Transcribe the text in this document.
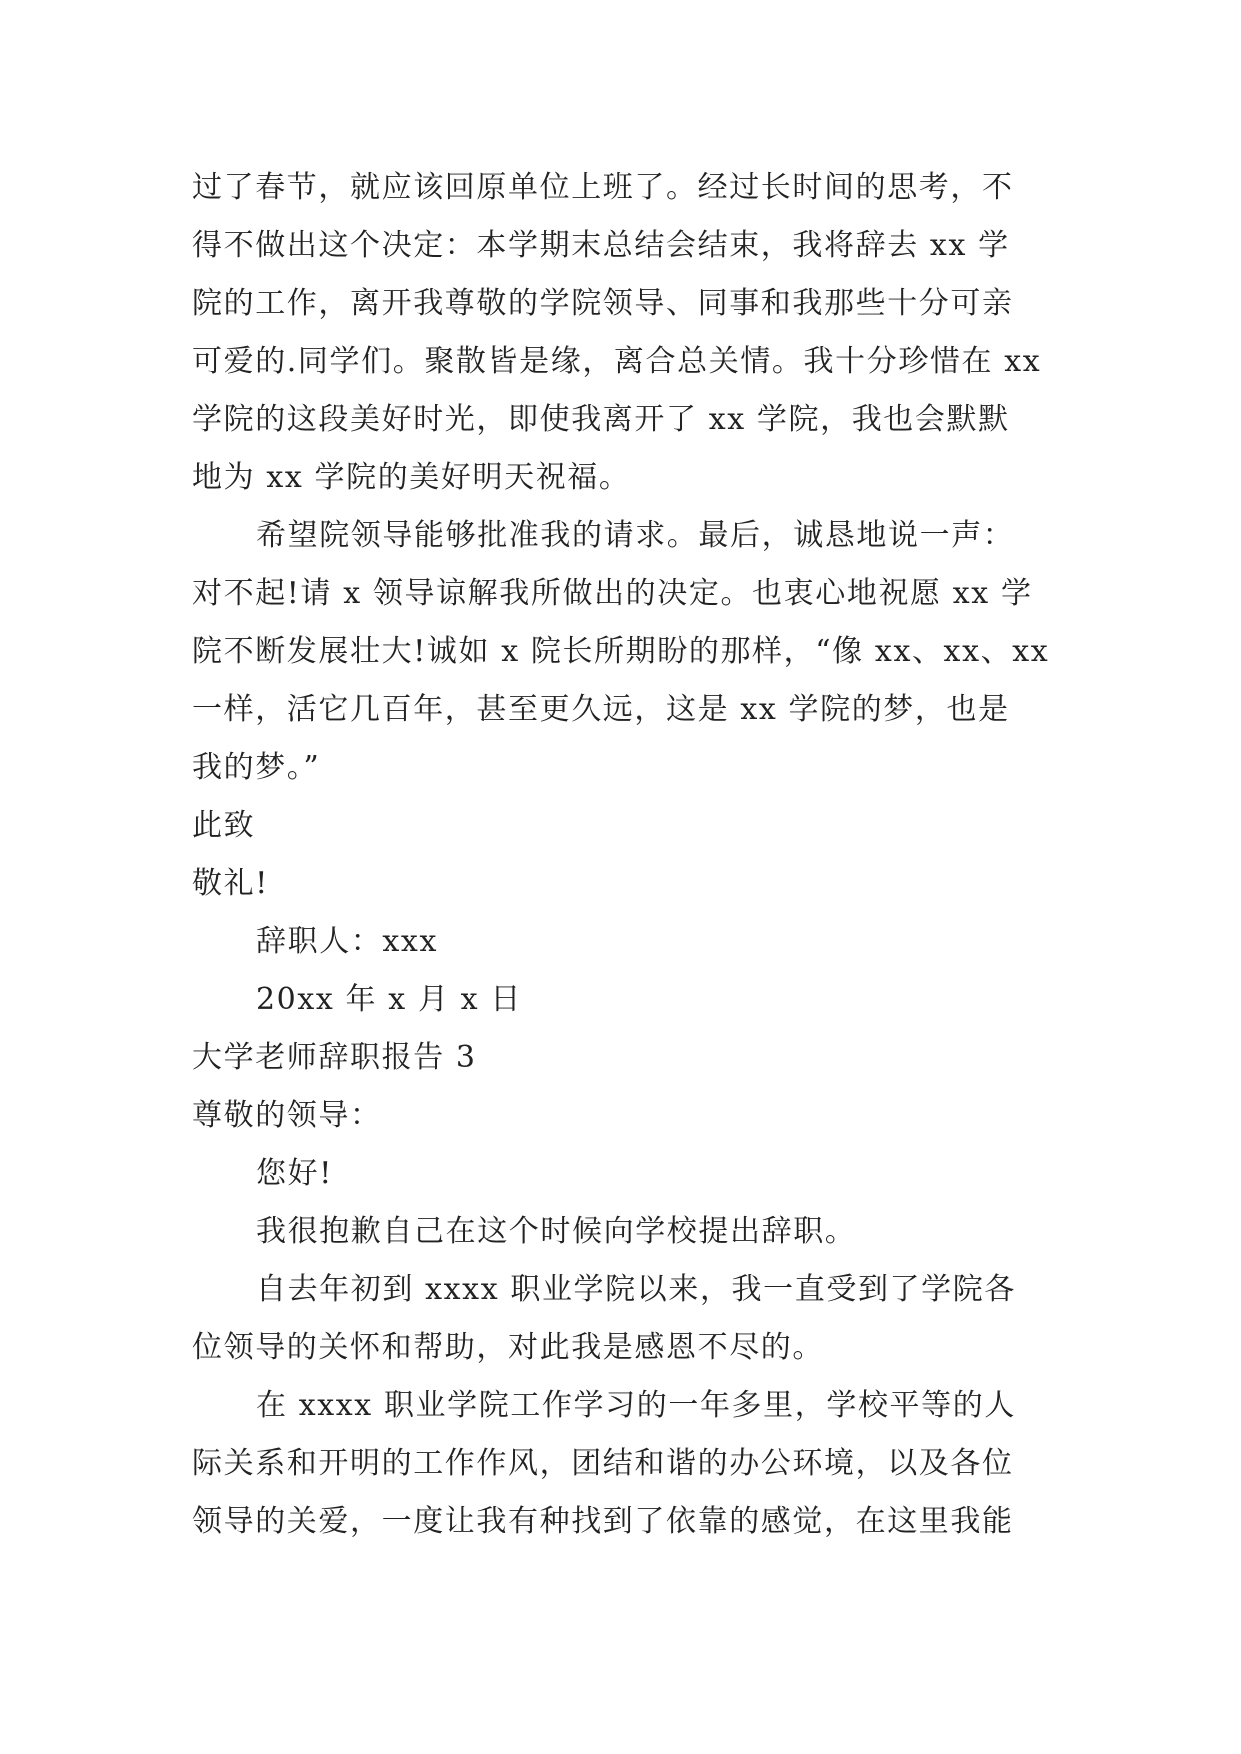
过了春节，就应该回原单位上班了。经过长时间的思考，不
得不做出这个决定：本学期末总结会结束，我将辞去 xx 学
院的工作，离开我尊敬的学院领导、同事和我那些十分可亲
可爱的.同学们。聚散皆是缘，离合总关情。我十分珍惜在 xx
学院的这段美好时光，即使我离开了 xx 学院，我也会默默
地为 xx 学院的美好明天祝福。
希望院领导能够批准我的请求。最后，诚恳地说一声：
对不起!请 x 领导谅解我所做出的决定。也衷心地祝愿 xx 学
院不断发展壮大!诚如 x 院长所期盼的那样，“像 xx、xx、xx
一样，活它几百年，甚至更久远，这是 xx 学院的梦，也是
我的梦。”
此致
敬礼!
辞职人：xxx
20xx 年 x 月 x 日
大学老师辞职报告 3
尊敬的领导：
您好!
我很抱歉自己在这个时候向学校提出辞职。
自去年初到 xxxx 职业学院以来，我一直受到了学院各
位领导的关怀和帮助，对此我是感恩不尽的。
在 xxxx 职业学院工作学习的一年多里，学校平等的人
际关系和开明的工作作风，团结和谐的办公环境，以及各位
领导的关爱，一度让我有种找到了依靠的感觉，在这里我能
